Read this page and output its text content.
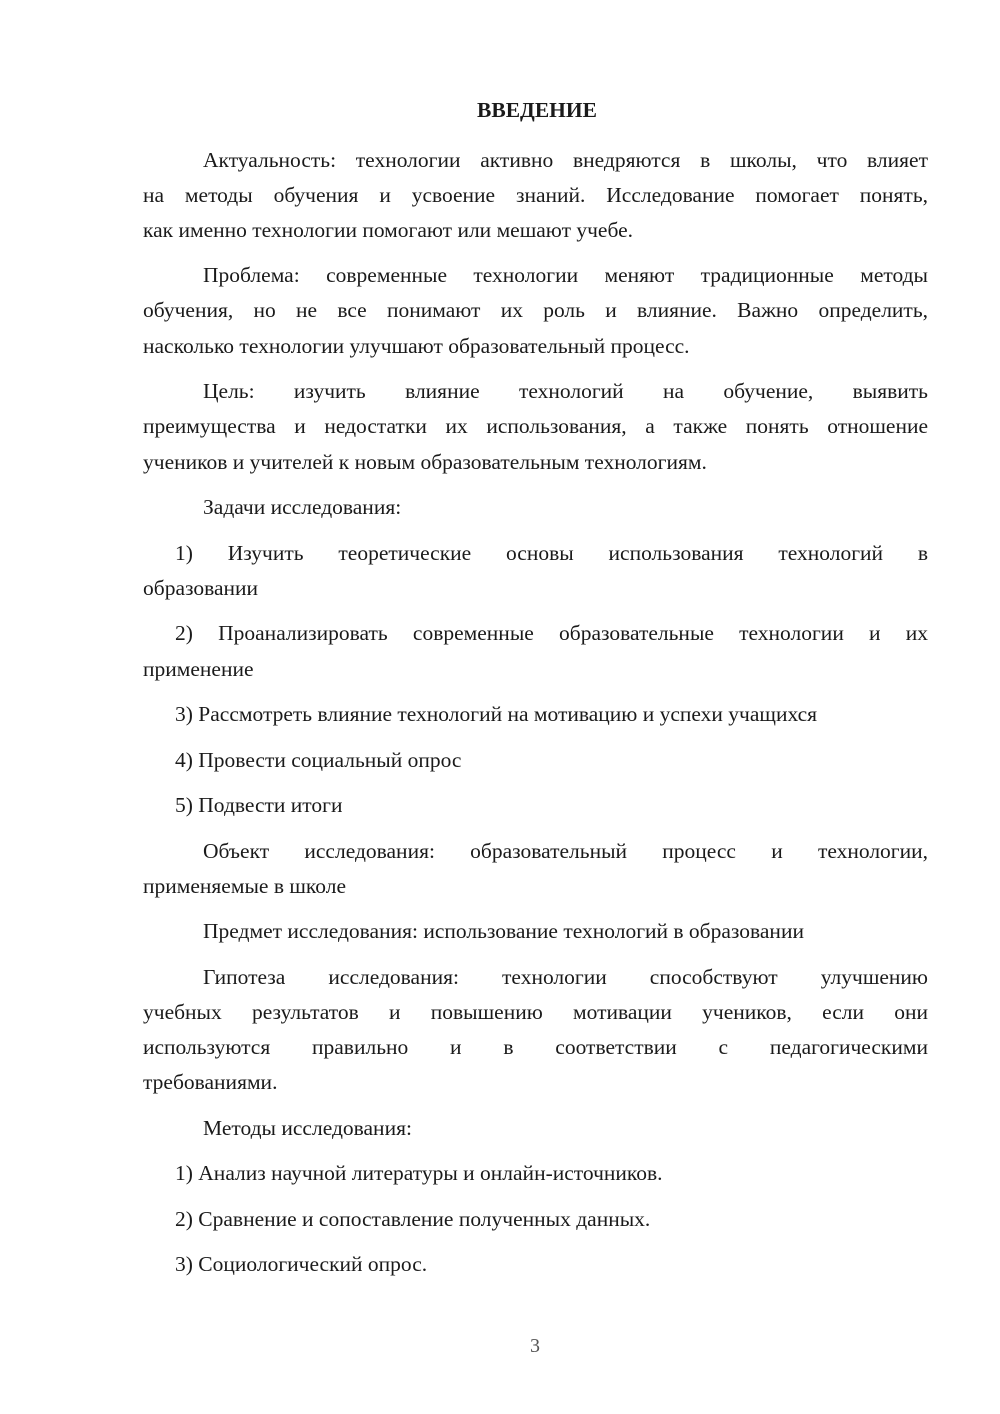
ВВЕДЕНИЕ
Актуальность: технологии активно внедряются в школы, что влияет
на методы обучения и усвоение знаний. Исследование помогает понять,
как именно технологии помогают или мешают учебе.
Проблема: современные технологии меняют традиционные методы
обучения, но не все понимают их роль и влияние. Важно определить,
насколько технологии улучшают образовательный процесс.
Цель: изучить влияние технологий на обучение, выявить
преимущества и недостатки их использования, а также понять отношение
учеников и учителей к новым образовательным технологиям.
Задачи исследования:
1) Изучить теоретические основы использования технологий в
образовании
2) Проанализировать современные образовательные технологии и их
применение
3) Рассмотреть влияние технологий на мотивацию и успехи учащихся
4) Провести социальный опрос
5) Подвести итоги
Объект исследования: образовательный процесс и технологии,
применяемые в школе
Предмет исследования: использование технологий в образовании
Гипотеза исследования: технологии способствуют улучшению
учебных результатов и повышению мотивации учеников, если они
используются правильно и в соответствии с педагогическими
требованиями.
Методы исследования:
1) Анализ научной литературы и онлайн-источников.
2) Сравнение и сопоставление полученных данных.
3) Социологический опрос.
3
